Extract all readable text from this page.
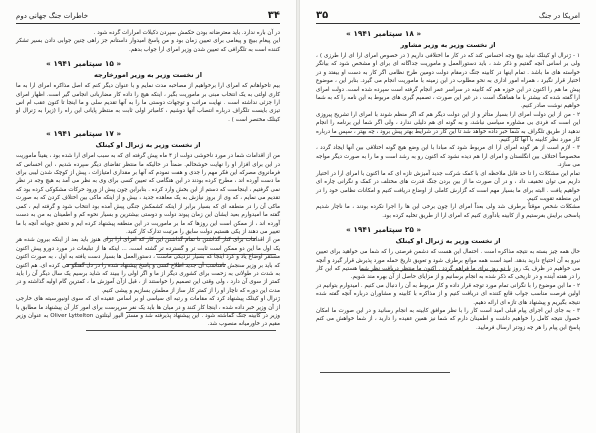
۳۴
خاطرات جنگ جهانی دوم

در آن باره ندارد. باید معترضانه بودن حکمش سپردن دکیلات امرارات گرده شود .

این پیغام ببیچ و پیغامی برای تعیین زمان بود و من پاسخ امیدوار داستانم جز راهی چنین جوابی دادن بسیر تشکر کننده است به تلگرافی که تعیین شدن وزیر امرای ارا جواب بدهم.

« ۱۵ سپتامبر ۱۹۴۱ »
از نخست وزیر به وزیر امورخارجه

بیم تاخواهانم که امرای ارا برخواهیم از مصاحبه مدت نمایم و با عنوان دیگر کنم که اصل مذاکره امرای ارا به ما کاری اولتی به یک انتخاب مبنی بر ماموریت بگیر ، اینکه هیچ را داده کار مضاربانی انجامی گیر است. اظهار امرای ارا جزئی نداشته است . نهایت مراتب و توجهات دوستی ما را به آنها تقدیم سلی و ما اینجا تا کنون عقب ام اس تیزی بایست تلگراف درباره انتصاب آنها دوشیم ، کامباتر اولی ثابت به منتظر پایانی این راه را (زیرا به ژنرال او کینلک مختصر است ) .

« ۱۷ سپتامبر ۱۹۴۱ »
از نخست وزیر به ژنرال او کینلک

من از اقدامات شما در مورد ناخوشی دولت از ۴ ماه پیش گرفته ای که به سبب امرای ارا شده بود ، یقیناً ماموریت در این برای افزار او را نهایت خوشحالم. ضمناً در حالیکه ما منتظر تقاضای دیگر سپرده شدیم ، این احساس که فرمانروی مصرکه این فکر مهم را جدی و هفت نمودم که آنها بر مقداری امتیازات ، پیش از کوچک شدن لیبی برای ما دست آورده اند ، مطرح کرده بودند در این هنگامی که تعیین کسی برای وی به نظر می آمد به هیچ وجه در نظر نمی گرفتیم ، اینجاست که دستم از این بخش وارد کرده . بنابراین چون پیش از ورود حرکات مشکوکی کرده بود که تقدیم می نمایم ، که وی از بروز نیازش به یک معاهده جدید ، بیش و از اینکه ماکی بین اختلاف کردن که به صورت ماکی آن را در منطقه ای که بسیار برابر از اینکه کشمکش جنگی پیش آمده بود انتخاب شود و گرفته ایم ، کمی گفته ما امیدوارم بعید ایشان این زمان پیوند دولت و دوستی بیشترین و بسیار نحوه کم و اطمینان به من به دست آورده اند ، از ممکن است این روزها که ما بر ماموریت در این منطقه پیشنهاد کرده ایم و تحقق جویانه آنچه با ما تغییر می دهند از یکی هستیم دولت سابق را مرتبت تدارک کار کنید.

من از اقدامات برای کنار گذاشتن نا تمام گذاشتن این کار که امرای ارا برای هنوز باید بعد از اینکه بیرون شده هر یک اول ما این دو ممکن است ثابت تر و گسترده تر گشته است، ... اینکه ها از تبلیغات در مورد دورو پیش اکنون مستقر اوضاع یاد و کرد اینجا که بسیار نزدیکی ماست ، دستورالعمل ها بسیار دست یافته به اول ، به صورت اکنون که باید بر وزیر سنجش نامناسب آن جدید اطلاع کسی و پاسخ پیشنهاد شده را در دل گفتگو می کرده ای. هم اکنون به شدت در طولانی به زحمت برای کشوری دیگر از ما و اگر اولی را ببیند که شاید برسیم یک سال دیگر آن را باید کمتر از سوی آن دارد ، ولی وقتی این تصمیم را خواستند از ، قبل ازآن آموزش ما ، کمترین گام اولیه گذاشته و در مدت این دوره که ناچار او را از کمتر کار ساز از مطمئن بسازیم و پیشی کنیم.

ژنرال او کینلک پیشنهاد کرد که مقامات و رتبه ای سیاسی او بر اساس عقیده ای که سوی اونیورسیته های خارجی از آن وزیر خبر داده شده ، اینجا کار کنند و در میان ها باید یک نفر سرپرست برای امور کار آن پیشنهاد ما مطابق با وزیر در کابینه جنگ گماشته شود . این پیشنهاد پذیرفته شد و مستر الیور لیتلتون Oliver Lyttelton به عنوان وزیر مقیم در خاورمیانه منصوب شد.

امریکا در جنگ
۳۵
« ۱۸ سپتامبر ۱۹۴۱ »
از نخست وزیر به وزیر مشاور

۱ - ژنرال او کینلک نباید بیچ وجه احساس کند که در کار ما اختلافی داریم ( در خصوص امرای ارا ای ارا طرزی ) ، ولی بر اساس آنچه گفتیم و ذکر شد ، باید دستورالعمل و ماموریت جداگانه ای برای او مشخص شود که بیانگر خواسته های ما باشد . تمام اینها در کابینه جنگ درمقام دولت دومین طرح نظامی اگر کار به دست او بیفتد و در اختیار قرار نگیرد ، همراه امور اداری به نحو مطلوب در این زمینه با ماموریت انجام می گیرد. بنابر این ، موضوع پیش ما هم را اکنون در این حوزه هم که کابینه در سراسر عمر انجام گرفته است سپرده شده است. دولت امرای ارا گفته شده که بیشتر با ما هماهنگ است ، در غیر این صورت ، تصمیم گیری های مربوط به این نامه را که به شما خواهیم نوشت صادر کنیم.

۲ - من از این دولت امرای ارا بسیار متأثر و از این دولت دیگر هم که اگر منظم شوند با امرای ارا تشریح پیروزی این است که فردی بی مشاوره سیاسی نباشد، و به گونه ای هم دلیلی ندارد ، ولی اگر شما این برنامه را انجام ندهید از طریق تلگراف به شما خبر داده خواهد شد تا این کار در شرایط بهتر پیش برود ، چه بهتر ، سپس ما درباره کار مورد نظر کابینه با آنها کار کنیم.

۳ - لازم است از هر گونه امرای ارا ای مربوط شود که مبادا با این وضع هیچ گونه اختلافی بین آنها ایجاد گردد ، مخصوصاً اختلاف بین انگلستان و امرای ارا هم دیده نشود که اکنون رو به رشد است و ما را به صورت دیگر مواجه می سازد.

تمام این مشکلات را تا حد قابل ملاحظه ای با کمک شرکت جدید آمیزش تازه ای که ما اکنون با امرای ارا در اختیار داریم می توان تخفیف داد ، و در آن صورت ما از بین بردن جنگ قدرت های مختلف در کمک و نگرانی چاره ای خواهیم یافت . البته برای ما بسیار مهم است که گزارش کاملی از اوضاع دریافت کنیم و امکانات نظامی خود را در این منطقه تقویت کنیم.

مشکلات شخص موقتاً برطرف شد ولی بعداً امرای ارا چون برخی این ها را اجرا نکرده بودند ، ما ناچار شدیم پاسخی برایش بفرستیم و از کابینه یادآوری کنیم که امرای ارا از طریق تخلیه کرده بود.

« ۲۵ سپتامبر ۱۹۴۱ »
از نخست وزیر به ژنرال او کینلک

حال همه چیز بسته به نتیجه مذاکره است . احتمال این هست که دشمن فرصتی را که شما می خواهید برای تعیین نیرو به آن احتیاج دارید بدهد. امید است همه موانع برطرف شود و تعویق تاریخ حمله مورد پذیرش قرار گیرد و آنچه می خواهیم در ظرف یک روز یا دو روز برای ما فراهم گردد . اکنون ما منتظر دریافت نظر شما هستیم که این کار را در هفته آینده و در تاریخی که ذکر شده به انجام برسانیم و از مزایای حاصل از آن بهره مند شویم.

۲ - ما این موضوع را با نگرانی تمام مورد توجه قرار داده و کار مربوط به آن را دنبال می کنیم . امیدوارم بتوانیم در اولین فرصت مناسب جواب قانع کننده ای دریافت کنیم و از مذاکره با کابینه و مشاوران درباره آنچه گفته شده نتیجه بگیریم و پیشنهاد های تازه ای ارائه دهیم.

۳ - به جای این اجرای پیام قبلی امید است کار را با نظر موافق کابینه به انجام رسانید و در این صورت ما امکان حصول نتیجه کامل را خواهیم داشت و اطمینان دارم که شما نیز همین عقیده را دارید ، از شما خواهش می کنم پاسخ این پیام را هر چه زودتر ارسال فرمایید.
